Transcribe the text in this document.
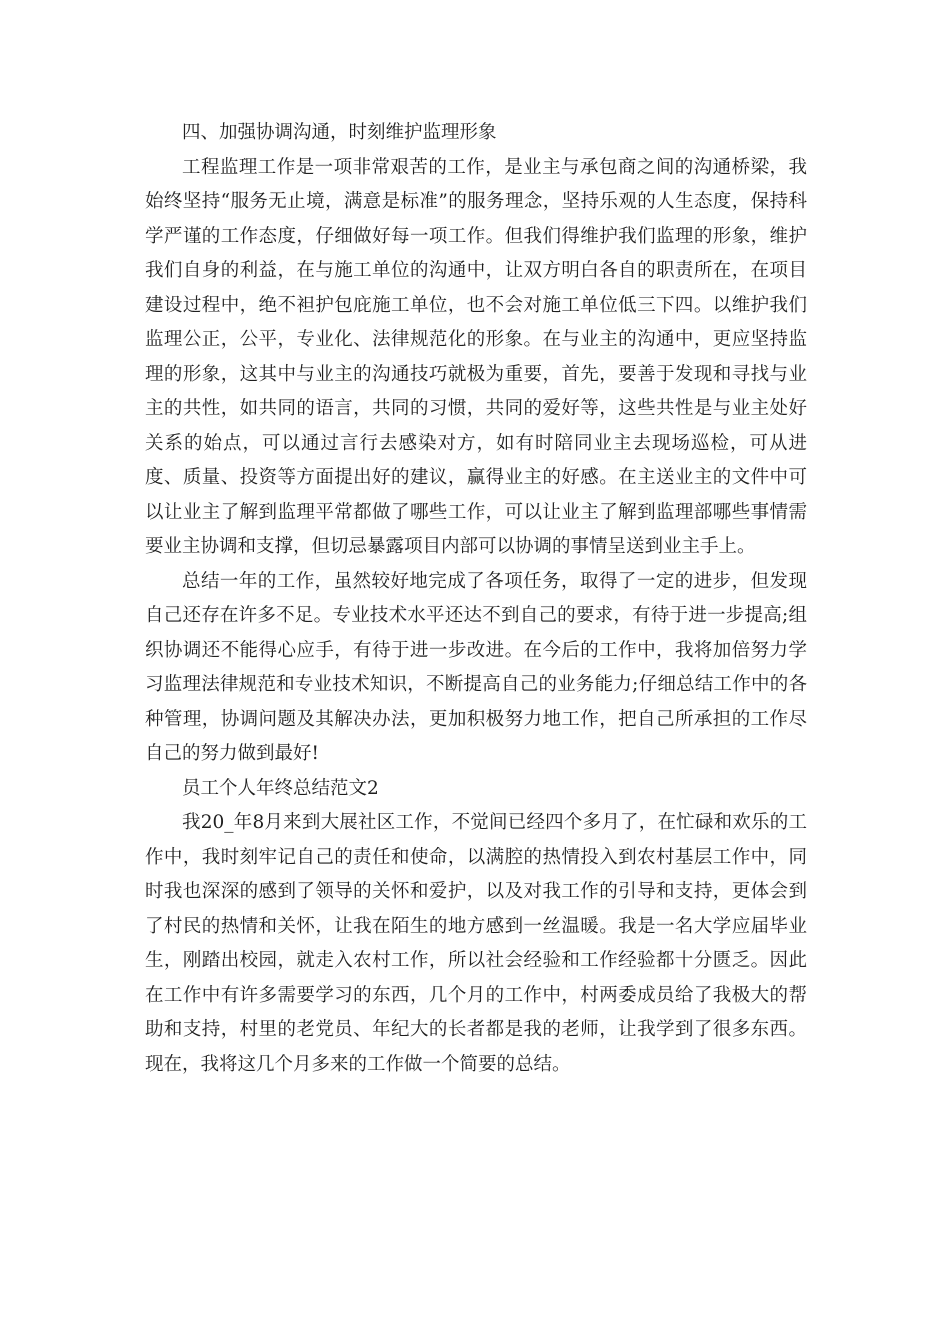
四、加强协调沟通，时刻维护监理形象

工程监理工作是一项非常艰苦的工作，是业主与承包商之间的沟通桥梁，我始终坚持“服务无止境，满意是标准”的服务理念，坚持乐观的人生态度，保持科学严谨的工作态度，仔细做好每一项工作。但我们得维护我们监理的形象，维护我们自身的利益，在与施工单位的沟通中，让双方明白各自的职责所在，在项目建设过程中，绝不袒护包庇施工单位，也不会对施工单位低三下四。以维护我们监理公正，公平，专业化、法律规范化的形象。在与业主的沟通中，更应坚持监理的形象，这其中与业主的沟通技巧就极为重要，首先，要善于发现和寻找与业主的共性，如共同的语言，共同的习惯，共同的爱好等，这些共性是与业主处好关系的始点，可以通过言行去感染对方，如有时陪同业主去现场巡检，可从进度、质量、投资等方面提出好的建议，赢得业主的好感。在主送业主的文件中可以让业主了解到监理平常都做了哪些工作，可以让业主了解到监理部哪些事情需要业主协调和支撑，但切忌暴露项目内部可以协调的事情呈送到业主手上。

总结一年的工作，虽然较好地完成了各项任务，取得了一定的进步，但发现自己还存在许多不足。专业技术水平还达不到自己的要求，有待于进一步提高;组织协调还不能得心应手，有待于进一步改进。在今后的工作中，我将加倍努力学习监理法律规范和专业技术知识，不断提高自己的业务能力;仔细总结工作中的各种管理，协调问题及其解决办法，更加积极努力地工作，把自己所承担的工作尽自己的努力做到最好!

员工个人年终总结范文2

我20_年8月来到大展社区工作，不觉间已经四个多月了，在忙碌和欢乐的工作中，我时刻牢记自己的责任和使命，以满腔的热情投入到农村基层工作中，同时我也深深的感到了领导的关怀和爱护，以及对我工作的引导和支持，更体会到了村民的热情和关怀，让我在陌生的地方感到一丝温暖。我是一名大学应届毕业生，刚踏出校园，就走入农村工作，所以社会经验和工作经验都十分匮乏。因此在工作中有许多需要学习的东西，几个月的工作中，村两委成员给了我极大的帮助和支持，村里的老党员、年纪大的长者都是我的老师，让我学到了很多东西。现在，我将这几个月多来的工作做一个简要的总结。
